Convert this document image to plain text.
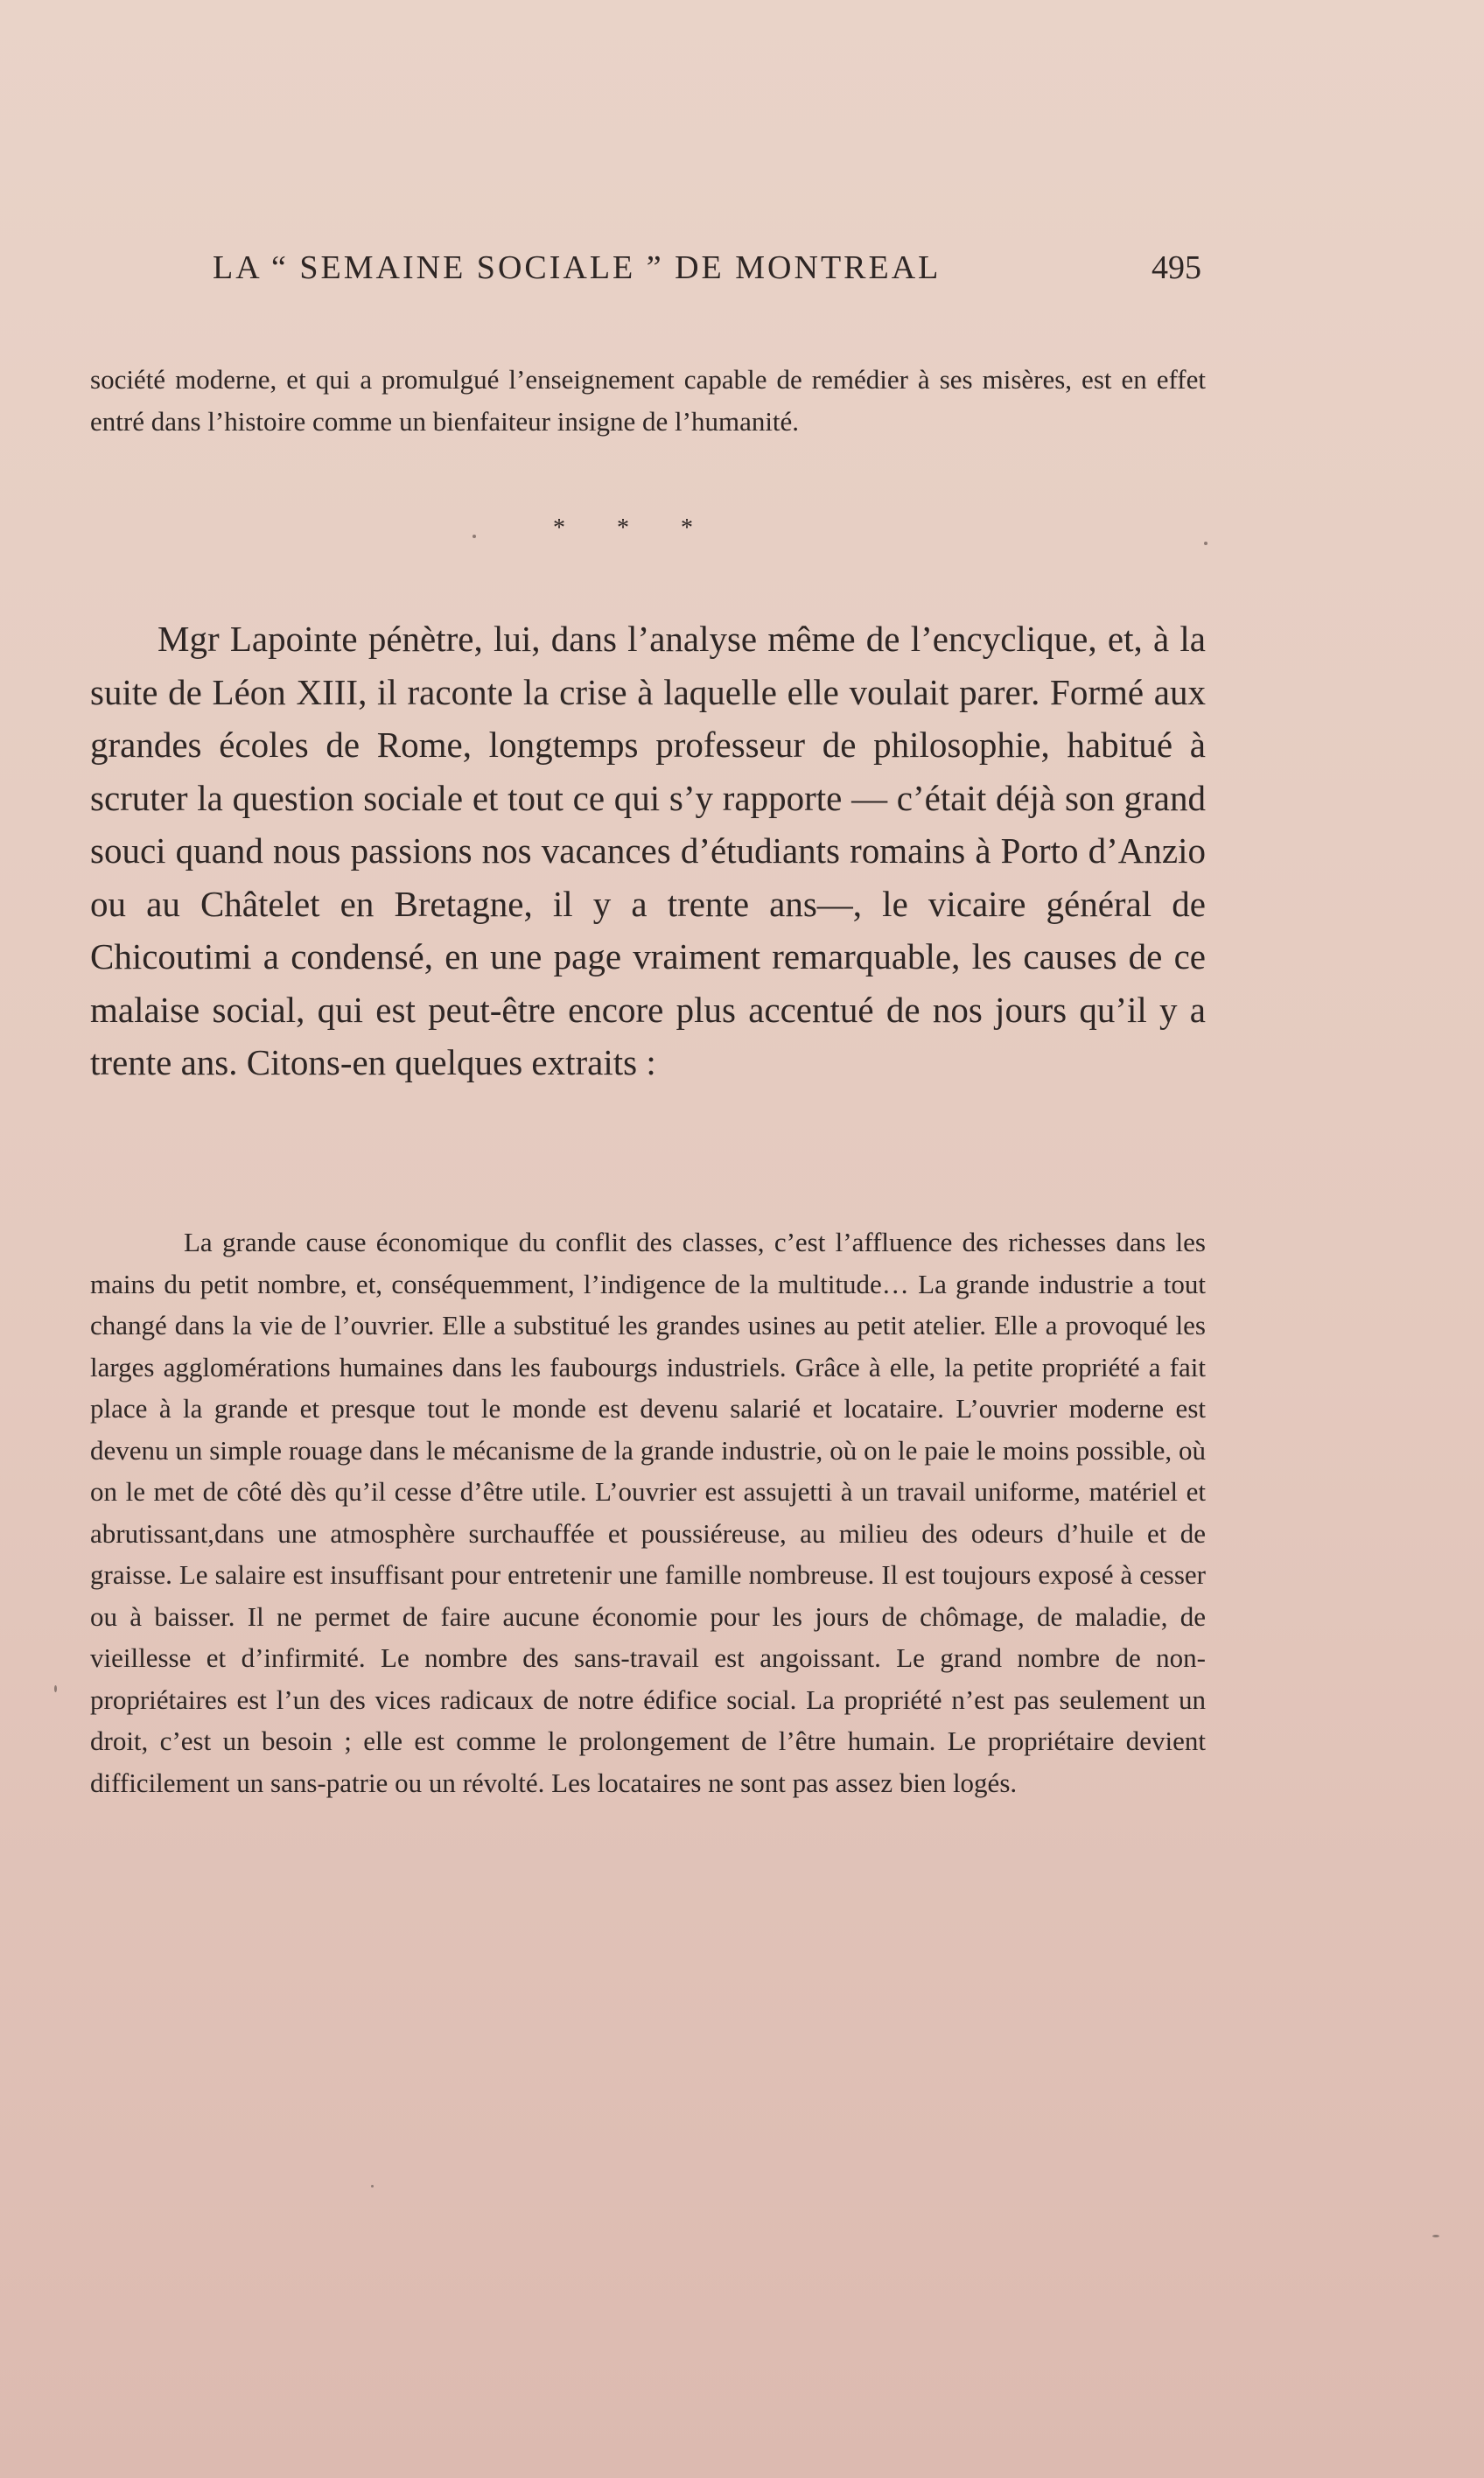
LA “ SEMAINE SOCIALE ” DE MONTREAL	495

société moderne, et qui a promulgué l’enseignement capable de remédier à ses misères, est en effet entré dans l’histoire comme un bienfaiteur insigne de l’humanité.

* * *

Mgr Lapointe pénètre, lui, dans l’analyse même de l’encyclique, et, à la suite de Léon XIII, il raconte la crise à laquelle elle voulait parer. Formé aux grandes écoles de Rome, longtemps professeur de philosophie, habitué à scruter la question sociale et tout ce qui s’y rapporte — c’était déjà son grand souci quand nous passions nos vacances d’étudiants romains à Porto d’Anzio ou au Châtelet en Bretagne, il y a trente ans—, le vicaire général de Chicoutimi a condensé, en une page vraiment remarquable, les causes de ce malaise social, qui est peut-être encore plus accentué de nos jours qu’il y a trente ans. Citons-en quelques extraits :

La grande cause économique du conflit des classes, c’est l’affluence des richesses dans les mains du petit nombre, et, conséquemment, l’indigence de la multitude… La grande industrie a tout changé dans la vie de l’ouvrier. Elle a substitué les grandes usines au petit atelier. Elle a provoqué les larges agglomérations humaines dans les faubourgs industriels. Grâce à elle, la petite propriété a fait place à la grande et presque tout le monde est devenu salarié et locataire. L’ouvrier moderne est devenu un simple rouage dans le mécanisme de la grande industrie, où on le paie le moins possible, où on le met de côté dès qu’il cesse d’être utile. L’ouvrier est assujetti à un travail uniforme, matériel et abrutissant,dans une atmosphère surchauffée et poussiéreuse, au milieu des odeurs d’huile et de graisse. Le salaire est insuffisant pour entretenir une famille nombreuse. Il est toujours exposé à cesser ou à baisser. Il ne permet de faire aucune économie pour les jours de chômage, de maladie, de vieillesse et d’infirmité. Le nombre des sans-travail est angoissant. Le grand nombre de non-propriétaires est l’un des vices radicaux de notre édifice social. La propriété n’est pas seulement un droit, c’est un besoin ; elle est comme le prolongement de l’être humain. Le propriétaire devient difficilement un sans-patrie ou un révolté. Les locataires ne sont pas assez bien logés.
